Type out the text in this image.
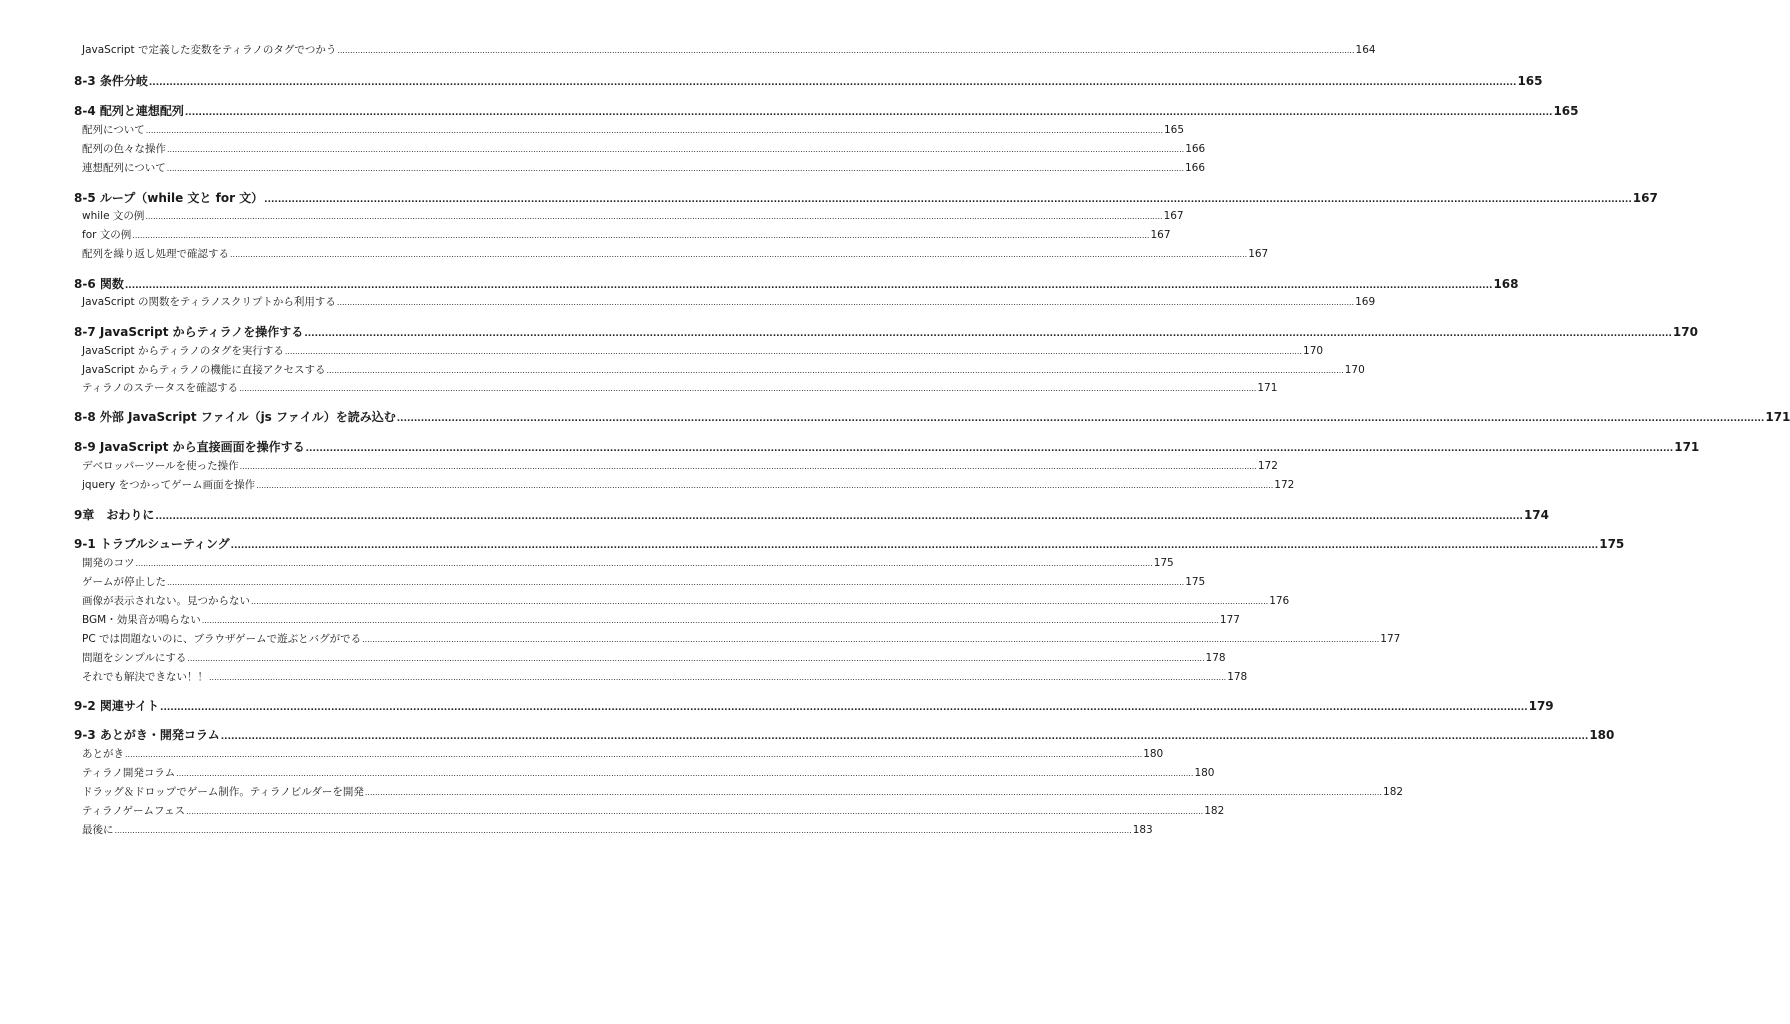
JavaScript で定義した変数をティラノのタグでつかう ................................................................................................................................................................................................................................................................................................................................................................................................................ 164
8-3 条件分岐 ................................................................................................................................................................................................................................................................................................................................................................................................................ 165
8-4 配列と連想配列 ................................................................................................................................................................................................................................................................................................................................................................................................................ 165
配列について ................................................................................................................................................................................................................................................................................................................................................................................................................ 165
配列の色々な操作 ................................................................................................................................................................................................................................................................................................................................................................................................................ 166
連想配列について ................................................................................................................................................................................................................................................................................................................................................................................................................ 166
8-5 ループ（while 文と for 文） ................................................................................................................................................................................................................................................................................................................................................................................................................ 167
while 文の例 ................................................................................................................................................................................................................................................................................................................................................................................................................ 167
for 文の例 ................................................................................................................................................................................................................................................................................................................................................................................................................ 167
配列を繰り返し処理で確認する ................................................................................................................................................................................................................................................................................................................................................................................................................ 167
8-6 関数 ................................................................................................................................................................................................................................................................................................................................................................................................................ 168
JavaScript の関数をティラノスクリプトから利用する ................................................................................................................................................................................................................................................................................................................................................................................................................ 169
8-7 JavaScript からティラノを操作する ................................................................................................................................................................................................................................................................................................................................................................................................................ 170
JavaScript からティラノのタグを実行する ................................................................................................................................................................................................................................................................................................................................................................................................................ 170
JavaScript からティラノの機能に直接アクセスする ................................................................................................................................................................................................................................................................................................................................................................................................................ 170
ティラノのステータスを確認する ................................................................................................................................................................................................................................................................................................................................................................................................................ 171
8-8 外部 JavaScript ファイル（js ファイル）を読み込む ................................................................................................................................................................................................................................................................................................................................................................................................................ 171
8-9 JavaScript から直接画面を操作する ................................................................................................................................................................................................................................................................................................................................................................................................................ 171
デベロッパーツールを使った操作 ................................................................................................................................................................................................................................................................................................................................................................................................................ 172
jquery をつかってゲーム画面を操作 ................................................................................................................................................................................................................................................................................................................................................................................................................ 172
9章　おわりに ................................................................................................................................................................................................................................................................................................................................................................................................................ 174
9-1 トラブルシューティング ................................................................................................................................................................................................................................................................................................................................................................................................................ 175
開発のコツ ................................................................................................................................................................................................................................................................................................................................................................................................................ 175
ゲームが停止した ................................................................................................................................................................................................................................................................................................................................................................................................................ 175
画像が表示されない。見つからない ................................................................................................................................................................................................................................................................................................................................................................................................................ 176
BGM・効果音が鳴らない ................................................................................................................................................................................................................................................................................................................................................................................................................ 177
PC では問題ないのに、ブラウザゲームで遊ぶとバグがでる ................................................................................................................................................................................................................................................................................................................................................................................................................ 177
問題をシンプルにする ................................................................................................................................................................................................................................................................................................................................................................................................................ 178
それでも解決できない！！ ................................................................................................................................................................................................................................................................................................................................................................................................................ 178
9-2 関連サイト ................................................................................................................................................................................................................................................................................................................................................................................................................ 179
9-3 あとがき・開発コラム ................................................................................................................................................................................................................................................................................................................................................................................................................ 180
あとがき ................................................................................................................................................................................................................................................................................................................................................................................................................ 180
ティラノ開発コラム ................................................................................................................................................................................................................................................................................................................................................................................................................ 180
ドラッグ＆ドロップでゲーム制作。ティラノビルダーを開発 ................................................................................................................................................................................................................................................................................................................................................................................................................ 182
ティラノゲームフェス ................................................................................................................................................................................................................................................................................................................................................................................................................ 182
最後に ................................................................................................................................................................................................................................................................................................................................................................................................................ 183
